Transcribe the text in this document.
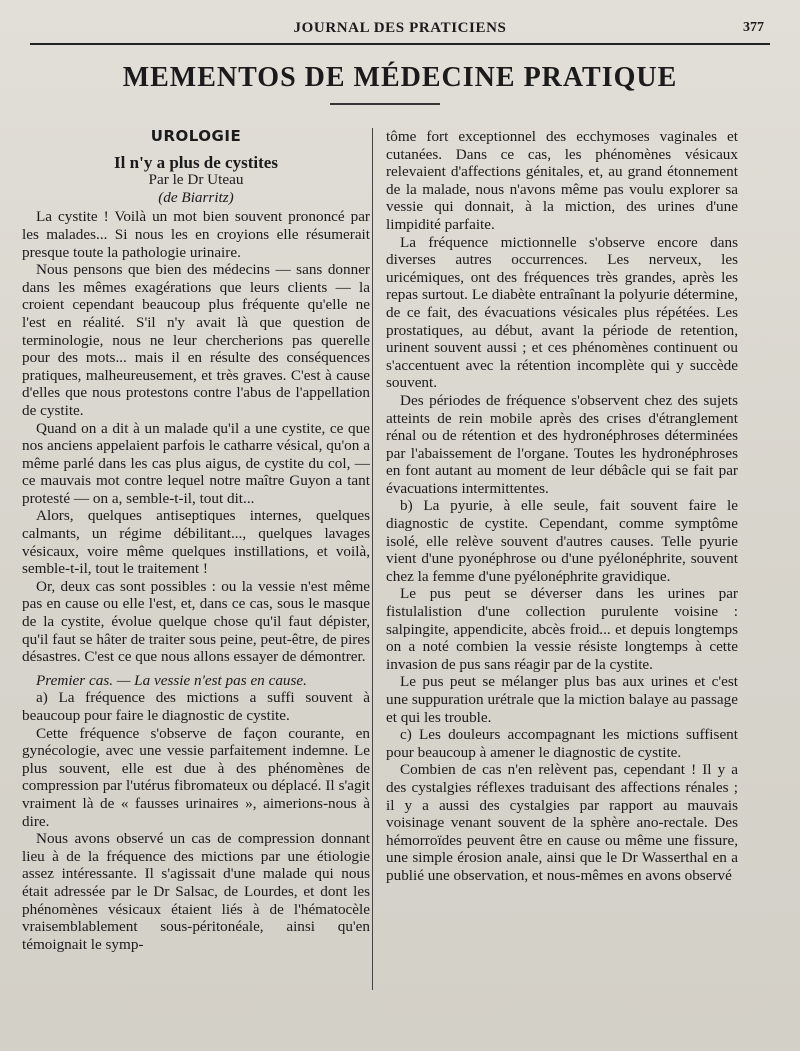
JOURNAL DES PRATICIENS	377
MEMENTOS DE MÉDECINE PRATIQUE
UROLOGIE
Il n'y a plus de cystites
Par le Dr Uteau
(de Biarritz)

La cystite ! Voilà un mot bien souvent prononcé par les malades... Si nous les en croyions elle résumerait presque toute la pathologie urinaire.

Nous pensons que bien des médecins — sans donner dans les mêmes exagérations que leurs clients — la croient cependant beaucoup plus fréquente qu'elle ne l'est en réalité. S'il n'y avait là que question de terminologie, nous ne leur chercherions pas querelle pour des mots... mais il en résulte des conséquences pratiques, malheureusement, et très graves. C'est à cause d'elles que nous protestons contre l'abus de l'appellation de cystite.

Quand on a dit à un malade qu'il a une cystite, ce que nos anciens appelaient parfois le catharre vésical, qu'on a même parlé dans les cas plus aigus, de cystite du col, — ce mauvais mot contre lequel notre maître Guyon a tant protesté — on a, semble-t-il, tout dit...

Alors, quelques antiseptiques internes, quelques calmants, un régime débilitant..., quelques lavages vésicaux, voire même quelques instillations, et voilà, semble-t-il, tout le traitement !

Or, deux cas sont possibles : ou la vessie n'est même pas en cause ou elle l'est, et, dans ce cas, sous le masque de la cystite, évolue quelque chose qu'il faut dépister, qu'il faut se hâter de traiter sous peine, peut-être, de pires désastres. C'est ce que nous allons essayer de démontrer.

Premier cas. — La vessie n'est pas en cause.

a) La fréquence des mictions a suffi souvent à beaucoup pour faire le diagnostic de cystite.

Cette fréquence s'observe de façon courante, en gynécologie, avec une vessie parfaitement indemne. Le plus souvent, elle est due à des phénomènes de compression par l'utérus fibromateux ou déplacé. Il s'agit vraiment là de « fausses urinaires », aimerions-nous à dire.

Nous avons observé un cas de compression donnant lieu à de la fréquence des mictions par une étiologie assez intéressante. Il s'agissait d'une malade qui nous était adressée par le Dr Salsac, de Lourdes, et dont les phénomènes vésicaux étaient liés à de l'hématocèle vraisemblablement sous-péritonéale, ainsi qu'en témoignait le symp-

tôme fort exceptionnel des ecchymoses vaginales et cutanées. Dans ce cas, les phénomènes vésicaux relevaient d'affections génitales, et, au grand étonnement de la malade, nous n'avons même pas voulu explorer sa vessie qui donnait, à la miction, des urines d'une limpidité parfaite.

La fréquence mictionnelle s'observe encore dans diverses autres occurrences. Les nerveux, les uricémiques, ont des fréquences très grandes, après les repas surtout. Le diabète entraînant la polyurie détermine, de ce fait, des évacuations vésicales plus répétées. Les prostatiques, au début, avant la période de retention, urinent souvent aussi ; et ces phénomènes continuent ou s'accentuent avec la rétention incomplète qui y succède souvent.

Des périodes de fréquence s'observent chez des sujets atteints de rein mobile après des crises d'étranglement rénal ou de rétention et des hydronéphroses déterminées par l'abaissement de l'organe. Toutes les hydronéphroses en font autant au moment de leur débâcle qui se fait par évacuations intermittentes.

b) La pyurie, à elle seule, fait souvent faire le diagnostic de cystite. Cependant, comme symptôme isolé, elle relève souvent d'autres causes. Telle pyurie vient d'une pyonéphrose ou d'une pyélonéphrite, souvent chez la femme d'une pyélonéphrite gravidique.

Le pus peut se déverser dans les urines par fistulalistion d'une collection purulente voisine : salpingite, appendicite, abcès froid... et depuis longtemps on a noté combien la vessie résiste longtemps à cette invasion de pus sans réagir par de la cystite.

Le pus peut se mélanger plus bas aux urines et c'est une suppuration urétrale que la miction balaye au passage et qui les trouble.

c) Les douleurs accompagnant les mictions suffisent pour beaucoup à amener le diagnostic de cystite.

Combien de cas n'en relèvent pas, cependant ! Il y a des cystalgies réflexes traduisant des affections rénales ; il y a aussi des cystalgies par rapport au mauvais voisinage venant souvent de la sphère ano-rectale. Des hémorroïdes peuvent être en cause ou même une fissure, une simple érosion anale, ainsi que le Dr Wasserthal en a publié une observation, et nous-mêmes en avons observé
